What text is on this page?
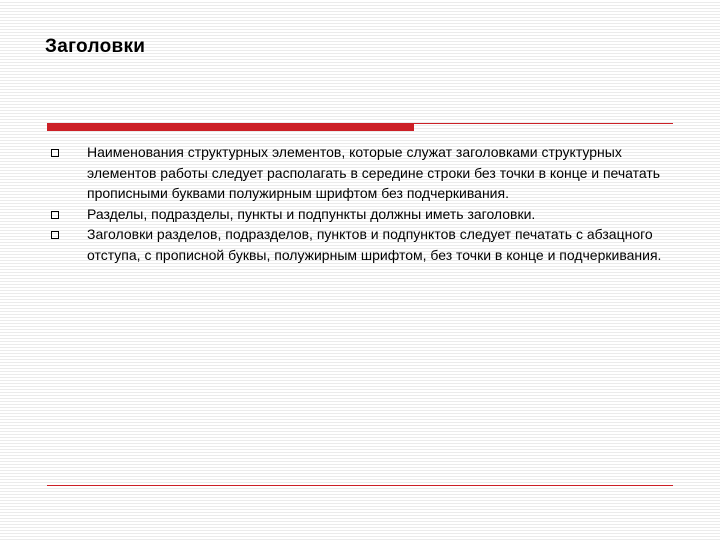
Заголовки
Наименования структурных элементов, которые служат заголовками структурных элементов работы следует располагать в середине строки без точки в конце и печатать прописными буквами полужирным шрифтом без подчеркивания.
Разделы, подразделы, пункты и подпункты должны иметь заголовки.
Заголовки разделов, подразделов, пунктов и подпунктов следует печатать с абзацного отступа, с прописной буквы, полужирным шрифтом, без точки в конце и подчеркивания.
